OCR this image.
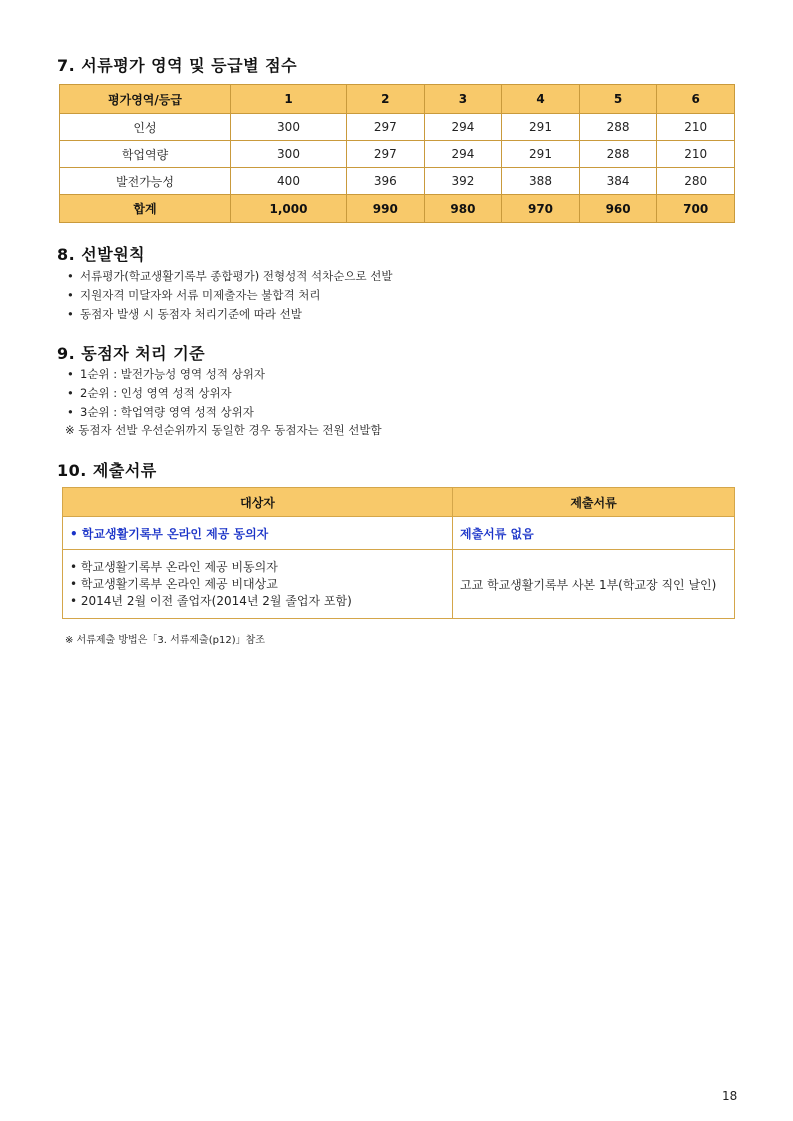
7. 서류평가 영역 및 등급별 점수
평가영역/등급	1	2	3	4	5	6
인성	300	297	294	291	288	210
학업역량	300	297	294	291	288	210
발전가능성	400	396	392	388	384	280
합계	1,000	990	980	970	960	700
8. 선발원칙
• 서류평가(학교생활기록부 종합평가) 전형성적 석차순으로 선발
• 지원자격 미달자와 서류 미제출자는 불합격 처리
• 동점자 발생 시 동점자 처리기준에 따라 선발
9. 동점자 처리 기준
• 1순위 : 발전가능성 영역 성적 상위자
• 2순위 : 인성 영역 성적 상위자
• 3순위 : 학업역량 영역 성적 상위자
※ 동점자 선발 우선순위까지 동일한 경우 동점자는 전원 선발함
10. 제출서류
대상자	제출서류
• 학교생활기록부 온라인 제공 동의자	제출서류 없음

• 학교생활기록부 온라인 제공 비동의자
• 학교생활기록부 온라인 제공 비대상교
• 2014년 2월 이전 졸업자(2014년 2월 졸업자 포함)	고교 학교생활기록부 사본 1부(학교장 직인 날인)
※ 서류제출 방법은「3. 서류제출(p12)」참조
18
